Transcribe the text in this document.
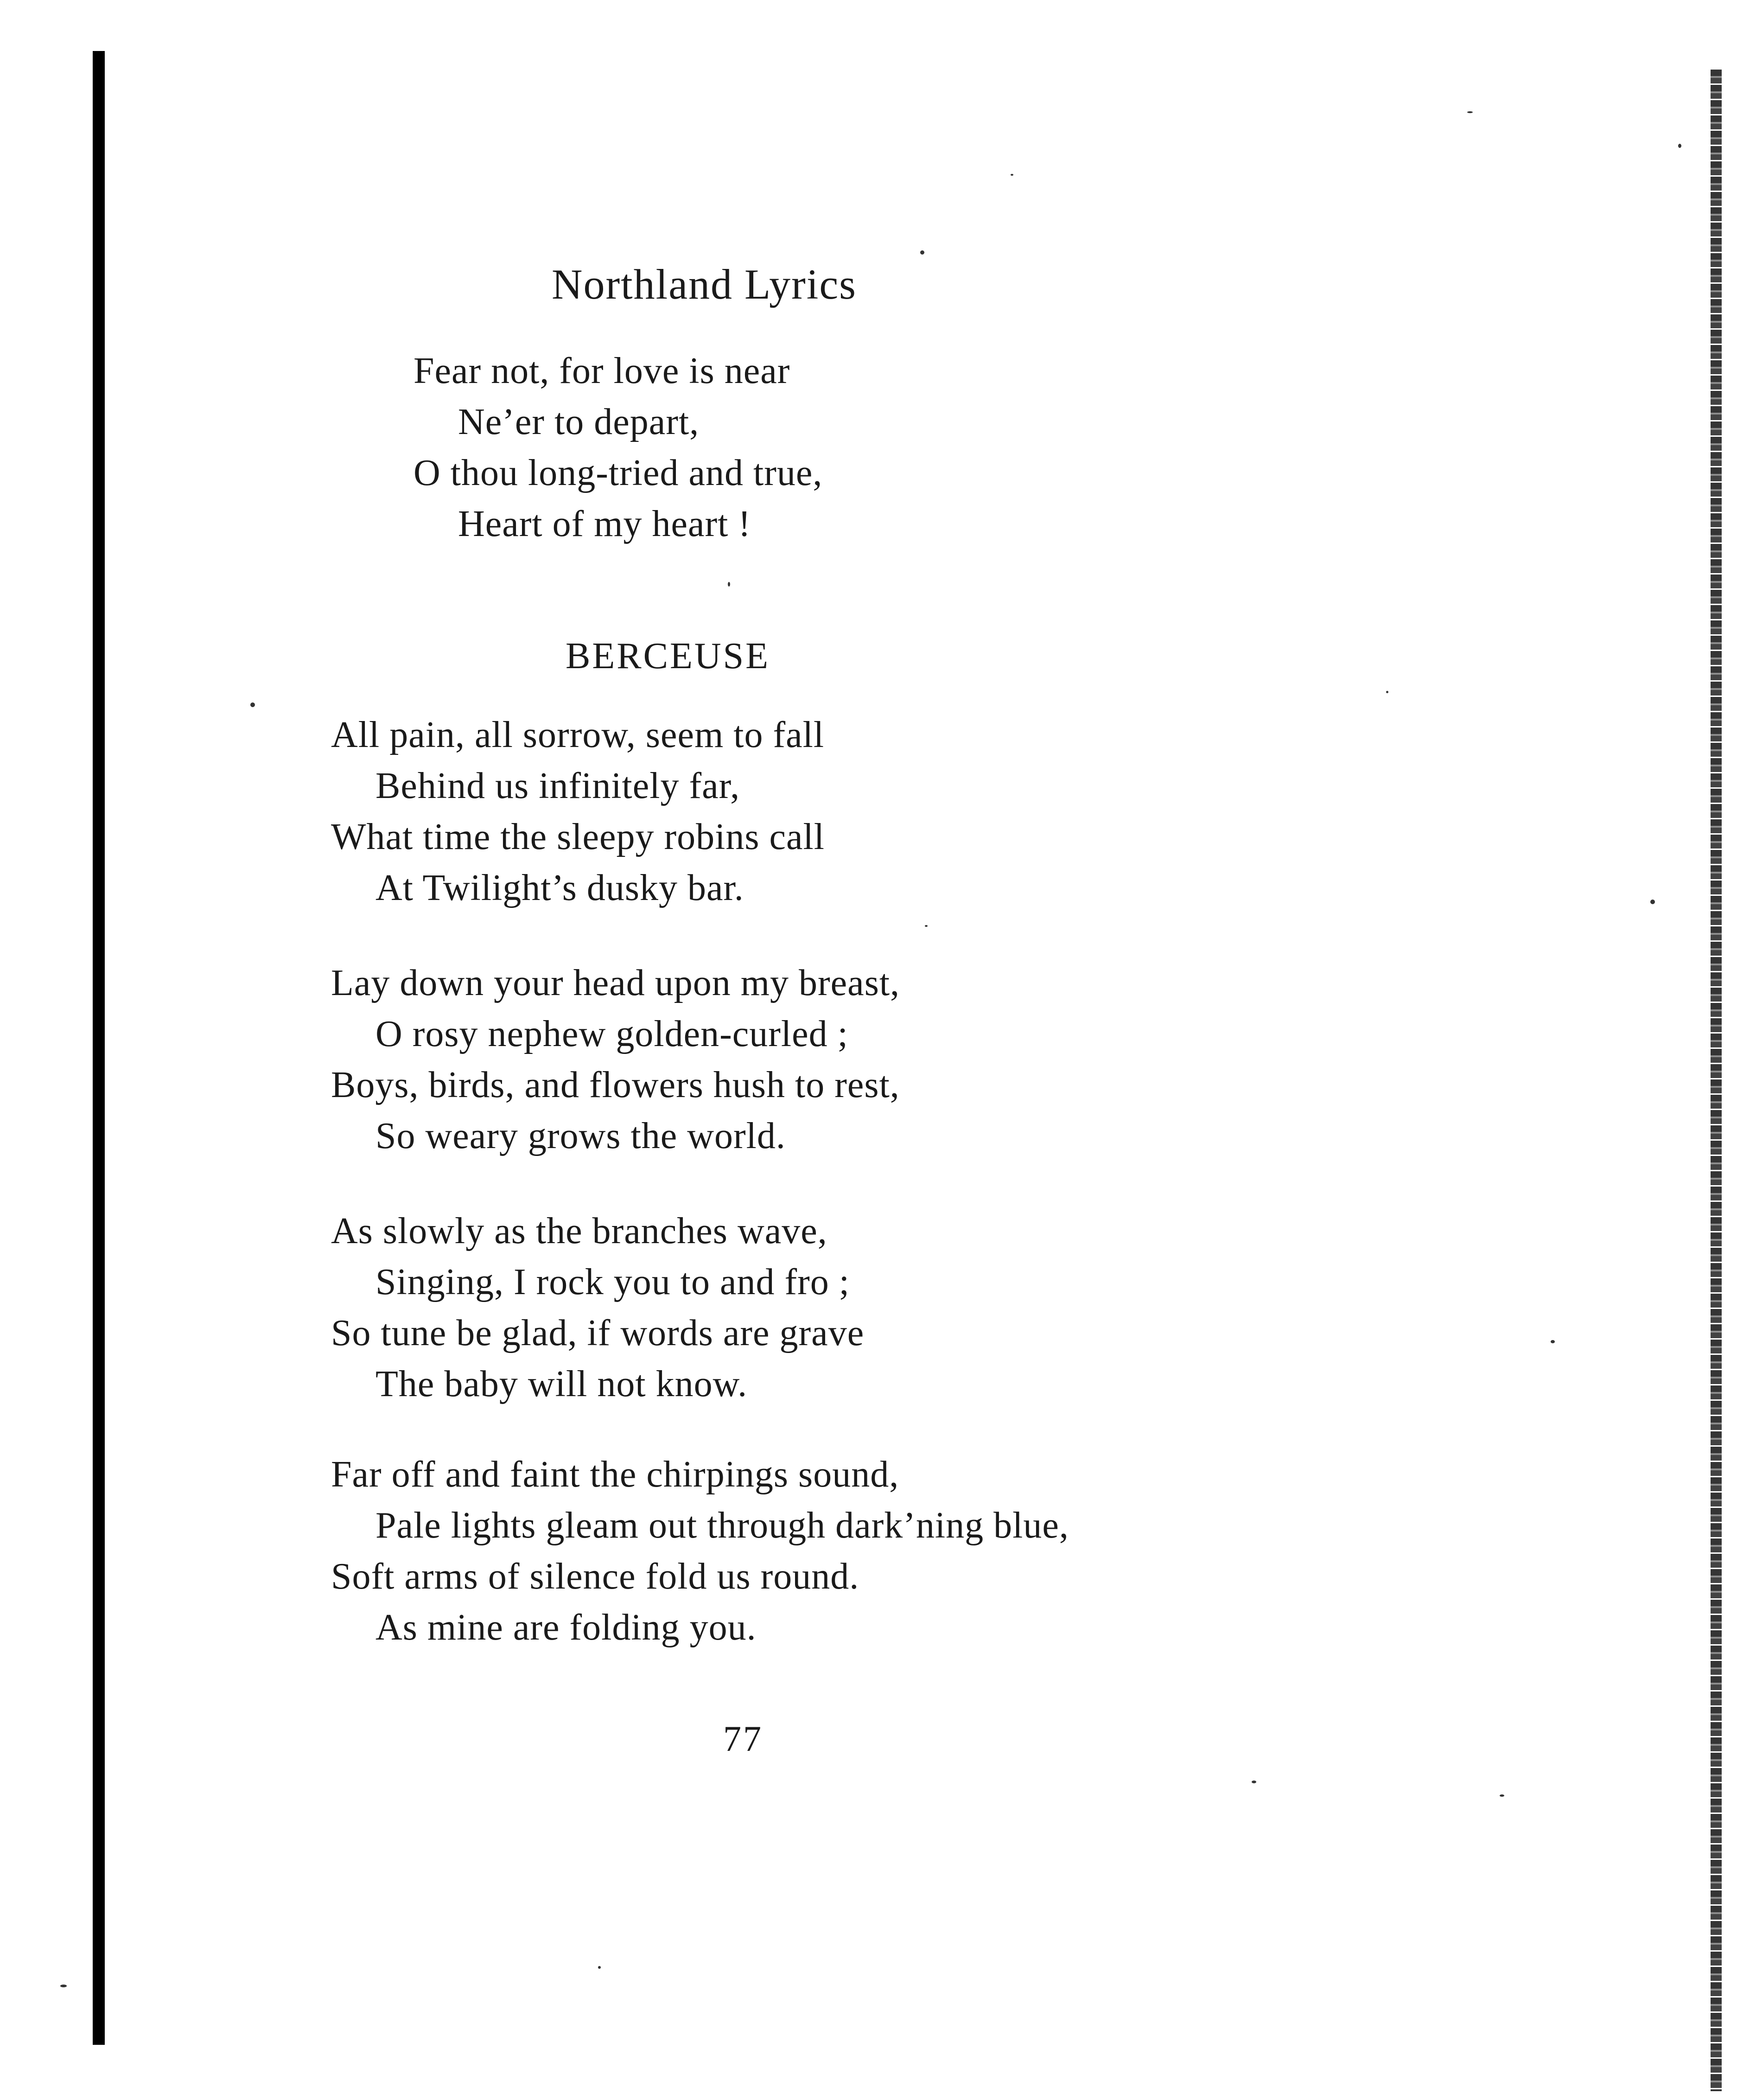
Northland Lyrics
Fear not, for love is near
Ne’er to depart,
O thou long-tried and true,
Heart of my heart !
BERCEUSE
All pain, all sorrow, seem to fall
Behind us infinitely far,
What time the sleepy robins call
At Twilight’s dusky bar.
Lay down your head upon my breast,
O rosy nephew golden-curled ;
Boys, birds, and flowers hush to rest,
So weary grows the world.
As slowly as the branches wave,
Singing, I rock you to and fro ;
So tune be glad, if words are grave
The baby will not know.
Far off and faint the chirpings sound,
Pale lights gleam out through dark’ning blue,
Soft arms of silence fold us round.
As mine are folding you.
77
